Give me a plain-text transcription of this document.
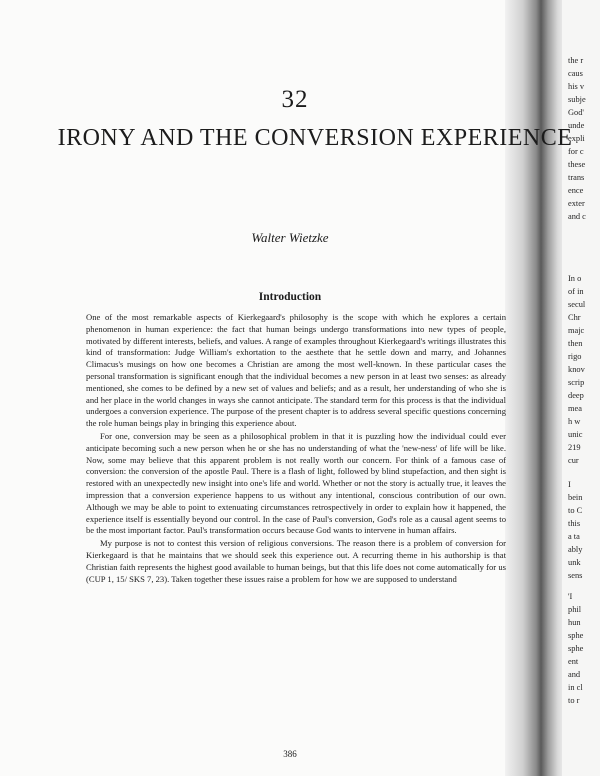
32
IRONY AND THE CONVERSION EXPERIENCE
Walter Wietzke
Introduction

One of the most remarkable aspects of Kierkegaard's philosophy is the scope with which he explores a certain phenomenon in human experience: the fact that human beings undergo transformations into new types of people, motivated by different interests, beliefs, and values. A range of examples throughout Kierkegaard's writings illustrates this kind of transformation: Judge William's exhortation to the aesthete that he settle down and marry, and Johannes Climacus's musings on how one becomes a Christian are among the most well-known. In these particular cases the personal transformation is significant enough that the individual becomes a new person in at least two senses: as already mentioned, she comes to be defined by a new set of values and beliefs; and as a result, her understanding of who she is and her place in the world changes in ways she cannot anticipate. The standard term for this process is that the individual undergoes a conversion experience. The purpose of the present chapter is to address several specific questions concerning the role human beings play in bringing this experience about.

For one, conversion may be seen as a philosophical problem in that it is puzzling how the individual could ever anticipate becoming such a new person when he or she has no understanding of what the 'new-ness' of life will be like. Now, some may believe that this apparent problem is not really worth our concern. For think of a famous case of conversion: the conversion of the apostle Paul. There is a flash of light, followed by blind stupefaction, and then sight is restored with an unexpectedly new insight into one's life and world. Whether or not the story is actually true, it leaves the impression that a conversion experience happens to us without any intentional, conscious contribution of our own. Although we may be able to point to extenuating circumstances retrospectively in order to explain how it happened, the experience itself is essentially beyond our control. In the case of Paul's conversion, God's role as a causal agent seems to be the most important factor. Paul's transformation occurs because God wants to intervene in human affairs.

My purpose is not to contest this version of religious conversions. The reason there is a problem of conversion for Kierkegaard is that he maintains that we should seek this experience out. A recurring theme in his authorship is that Christian faith represents the highest good available to human beings, but that this life does not come automatically for us (CUP 1, 15/ SKS 7, 23). Taken together these issues raise a problem for how we are supposed to understand

386
the r
caus
his v
subje
God'
unde
expli
for c
these
trans
ence
exter
and c
In o
of in
secul
Chr
majc
then
rigo
knov
scrip
deep
mea
h w
unic
219
cur
I
bein
to C
this
a ta
ably
unk
sens
'I
phil
hun
sphe
sphe
ent
and
in cl
to r
